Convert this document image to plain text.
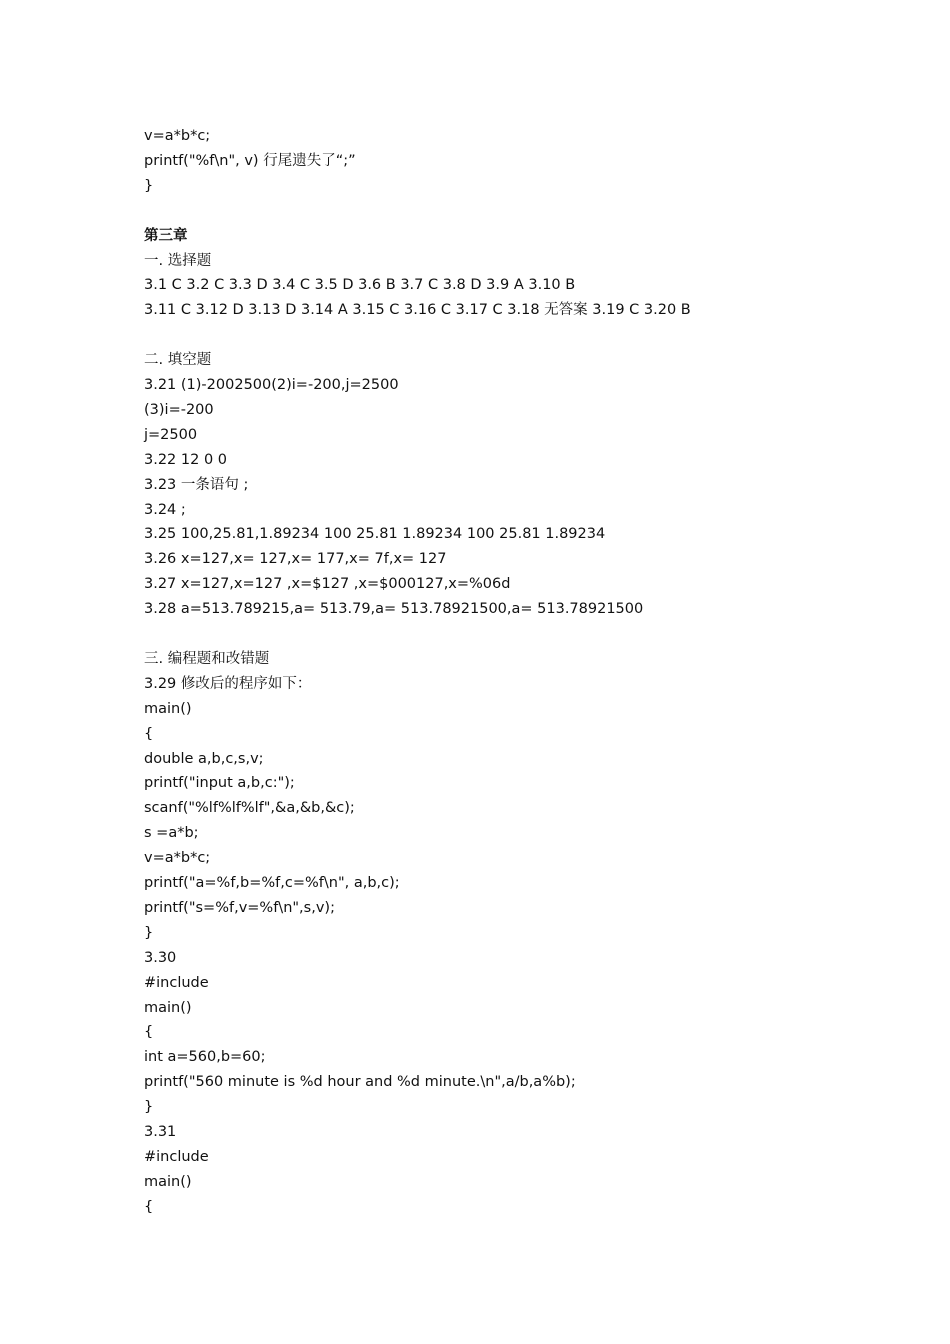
v=a*b*c;

printf("%f\n", v) 行尾遗失了“;”

}

第三章

一. 选择题

3.1 C 3.2 C 3.3 D 3.4 C 3.5 D 3.6 B 3.7 C 3.8 D 3.9 A 3.10 B

3.11 C 3.12 D 3.13 D 3.14 A 3.15 C 3.16 C 3.17 C 3.18 无答案 3.19 C 3.20 B

二. 填空题

3.21 (1)-2002500(2)i=-200,j=2500

(3)i=-200

j=2500

3.22 12 0 0

3.23 一条语句 ;

3.24 ;

3.25 100,25.81,1.89234 100 25.81 1.89234 100 25.81 1.89234

3.26 x=127,x= 127,x= 177,x= 7f,x= 127

3.27 x=127,x=127 ,x=$127 ,x=$000127,x=%06d

3.28 a=513.789215,a= 513.79,a= 513.78921500,a= 513.78921500

三. 编程题和改错题

3.29 修改后的程序如下：

main()

{

double a,b,c,s,v;

printf("input a,b,c:");

scanf("%lf%lf%lf",&a,&b,&c);

s =a*b;

v=a*b*c;

printf("a=%f,b=%f,c=%f\n", a,b,c);

printf("s=%f,v=%f\n",s,v);

}

3.30

#include

main()

{

int a=560,b=60;

printf("560 minute is %d hour and %d minute.\n",a/b,a%b);

}

3.31

#include

main()

{
